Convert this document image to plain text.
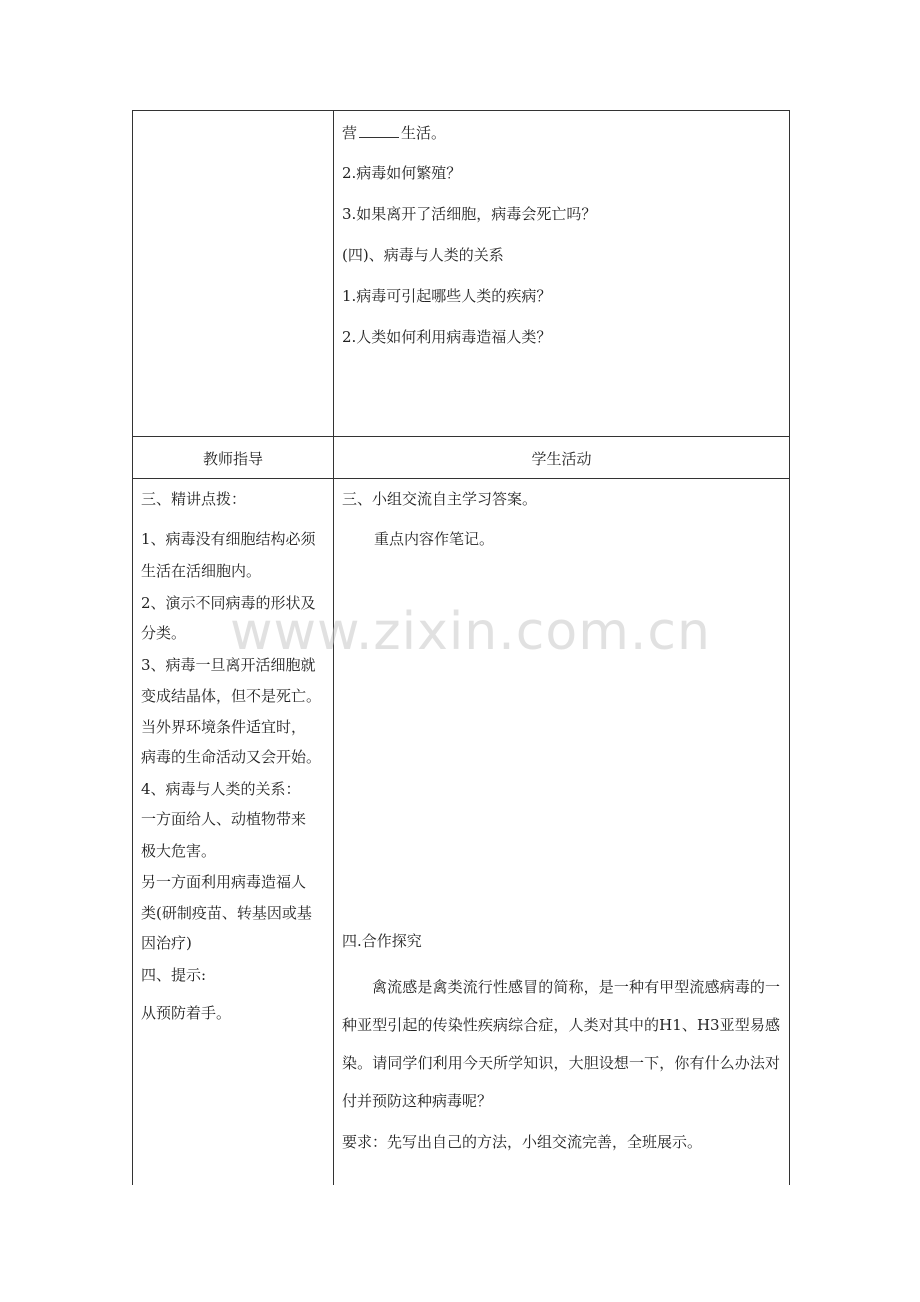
营	生活。
2.病毒如何繁殖？
3.如果离开了活细胞，病毒会死亡吗？
(四)、病毒与人类的关系
1.病毒可引起哪些人类的疾病？
2.人类如何利用病毒造福人类？
教师指导	学生活动
三、精讲点拨：
1、病毒没有细胞结构必须
生活在活细胞内。
2、演示不同病毒的形状及
分类。
3、病毒一旦离开活细胞就
变成结晶体，但不是死亡。
当外界环境条件适宜时，
病毒的生命活动又会开始。
4、病毒与人类的关系：
一方面给人、动植物带来
极大危害。
另一方面利用病毒造福人
类(研制疫苗、转基因或基
因治疗)
四、提示:
从预防着手。
三、小组交流自主学习答案。
重点内容作笔记。
四.合作探究
禽流感是禽类流行性感冒的简称，是一种有甲型流感病毒的一种亚型引起的传染性疾病综合症，人类对其中的H1、H3亚型易感染。请同学们利用今天所学知识，大胆设想一下，你有什么办法对付并预防这种病毒呢？
要求：先写出自己的方法，小组交流完善，全班展示。
www.zixin.com.cn
